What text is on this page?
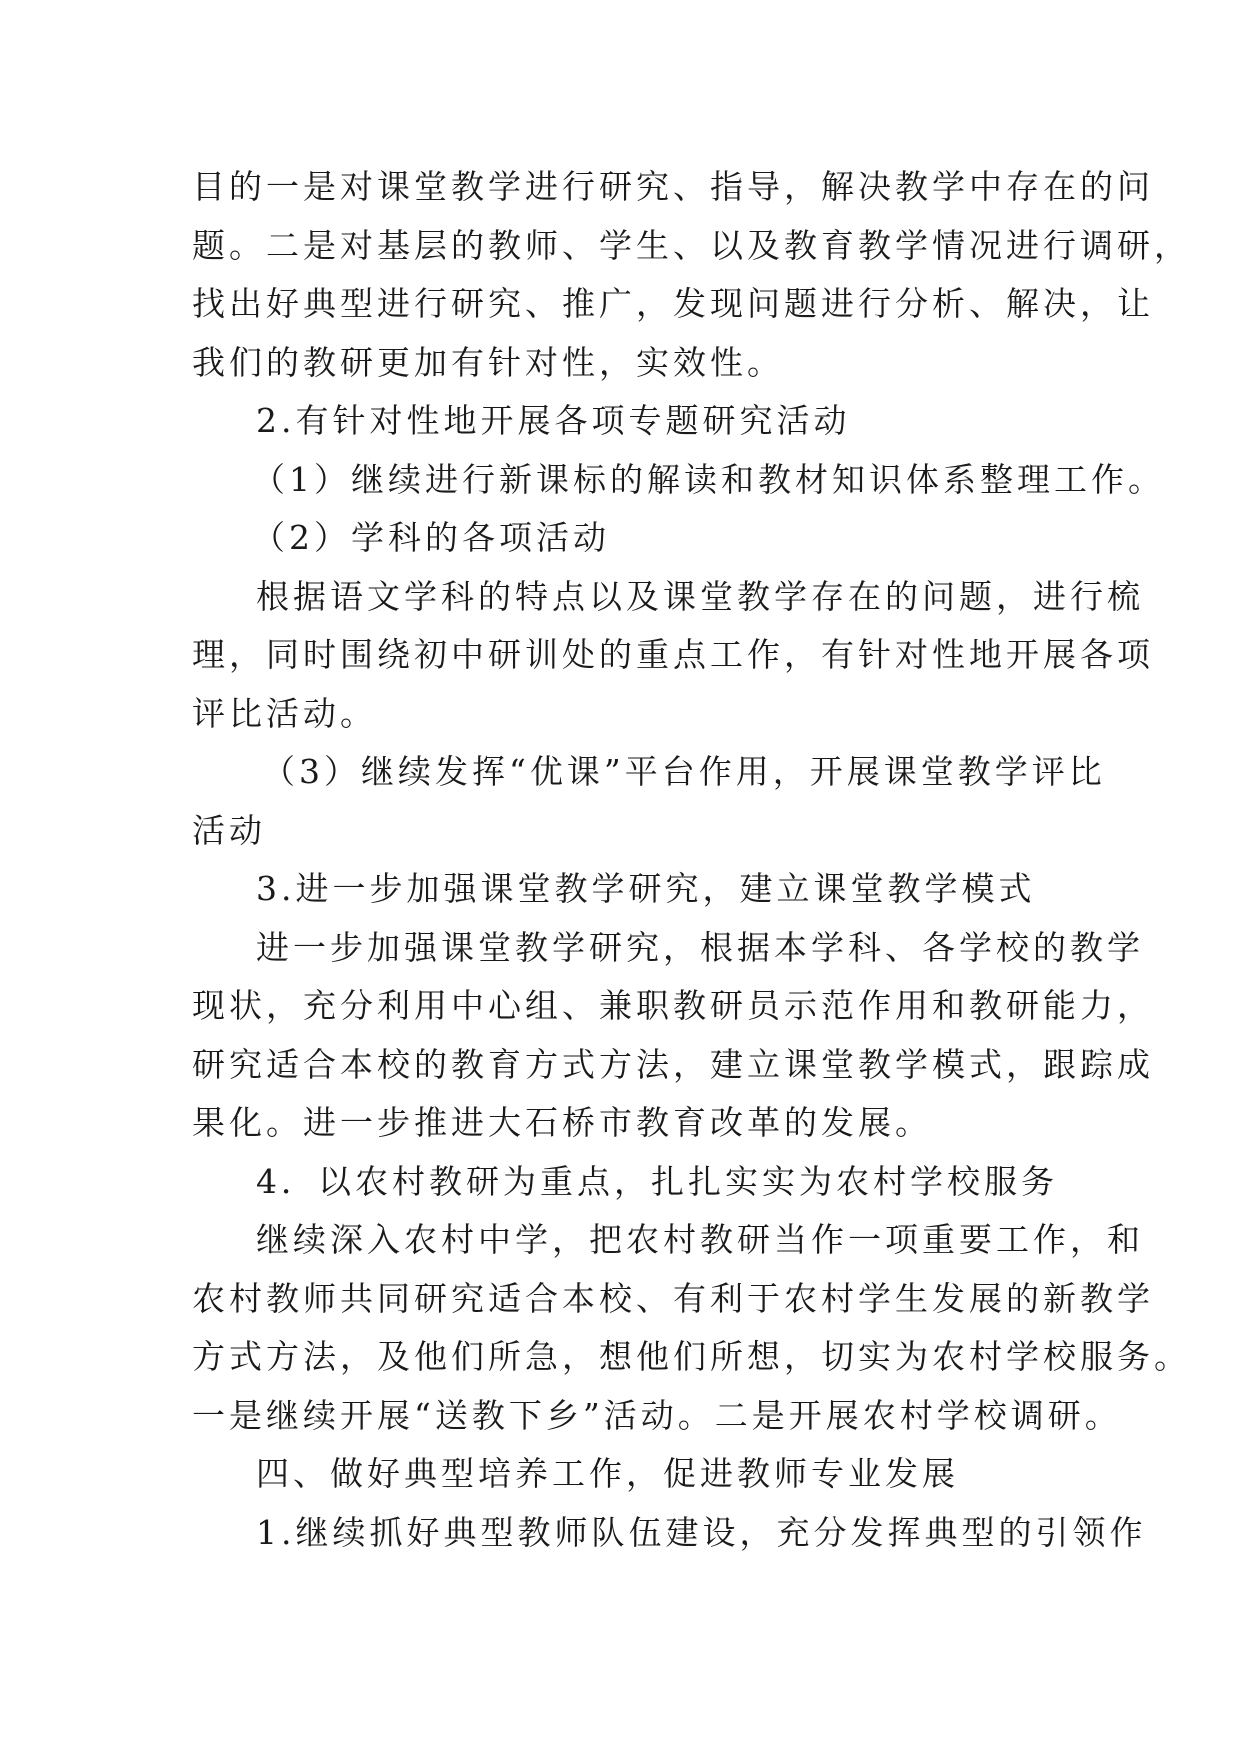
目的一是对课堂教学进行研究、指导，解决教学中存在的问
题。二是对基层的教师、学生、以及教育教学情况进行调研，
找出好典型进行研究、推广，发现问题进行分析、解决，让
我们的教研更加有针对性，实效性。
2.有针对性地开展各项专题研究活动
（1）继续进行新课标的解读和教材知识体系整理工作。
（2）学科的各项活动
根据语文学科的特点以及课堂教学存在的问题，进行梳
理，同时围绕初中研训处的重点工作，有针对性地开展各项
评比活动。
（3）继续发挥“优课”平台作用，开展课堂教学评比
活动
3.进一步加强课堂教学研究，建立课堂教学模式
进一步加强课堂教学研究，根据本学科、各学校的教学
现状，充分利用中心组、兼职教研员示范作用和教研能力，
研究适合本校的教育方式方法，建立课堂教学模式，跟踪成
果化。进一步推进大石桥市教育改革的发展。
4．以农村教研为重点，扎扎实实为农村学校服务
继续深入农村中学，把农村教研当作一项重要工作，和
农村教师共同研究适合本校、有利于农村学生发展的新教学
方式方法，及他们所急，想他们所想，切实为农村学校服务。
一是继续开展“送教下乡”活动。二是开展农村学校调研。
四、做好典型培养工作，促进教师专业发展
1.继续抓好典型教师队伍建设，充分发挥典型的引领作
